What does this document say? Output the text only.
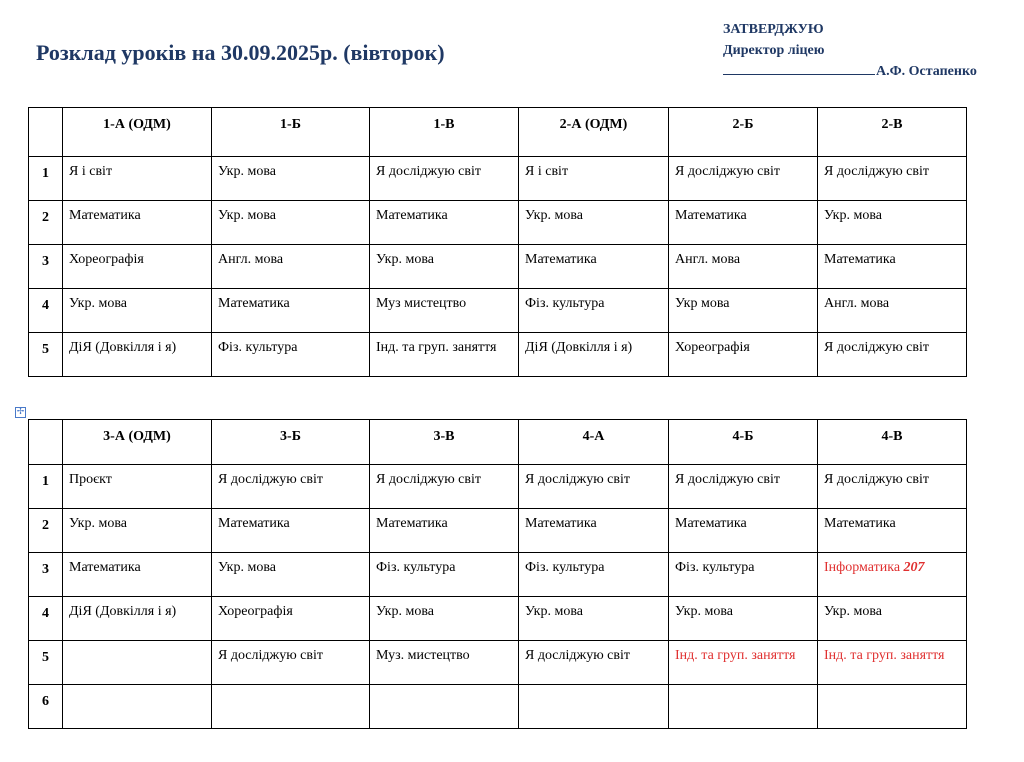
Розклад уроків на 30.09.2025р. (вівторок)
ЗАТВЕРДЖУЮ
Директор ліцею
А.Ф. Остапенко
	1-А (ОДМ)	1-Б	1-В	2-А (ОДМ)	2-Б	2-В
1	Я і світ	Укр. мова	Я досліджую світ	Я і світ	Я досліджую світ	Я досліджую світ
2	Математика	Укр. мова	Математика	Укр. мова	Математика	Укр. мова
3	Хореографія	Англ. мова	Укр. мова	Математика	Англ. мова	Математика
4	Укр. мова	Математика	Муз мистецтво	Фіз. культура	Укр мова	Англ. мова
5	ДіЯ (Довкілля і я)	Фіз. культура	Інд. та груп. заняття	ДіЯ (Довкілля і я)	Хореографія	Я досліджую світ
✢
	3-А (ОДМ)	3-Б	3-В	4-А	4-Б	4-В
1	Проєкт	Я досліджую світ	Я досліджую світ	Я досліджую світ	Я досліджую світ	Я досліджую світ
2	Укр. мова	Математика	Математика	Математика	Математика	Математика
3	Математика	Укр. мова	Фіз. культура	Фіз. культура	Фіз. культура	Інформатика 207
4	ДіЯ (Довкілля і я)	Хореографія	Укр. мова	Укр. мова	Укр. мова	Укр. мова
5		Я досліджую світ	Муз. мистецтво	Я досліджую світ	Інд. та груп. заняття	Інд. та груп. заняття
6						
